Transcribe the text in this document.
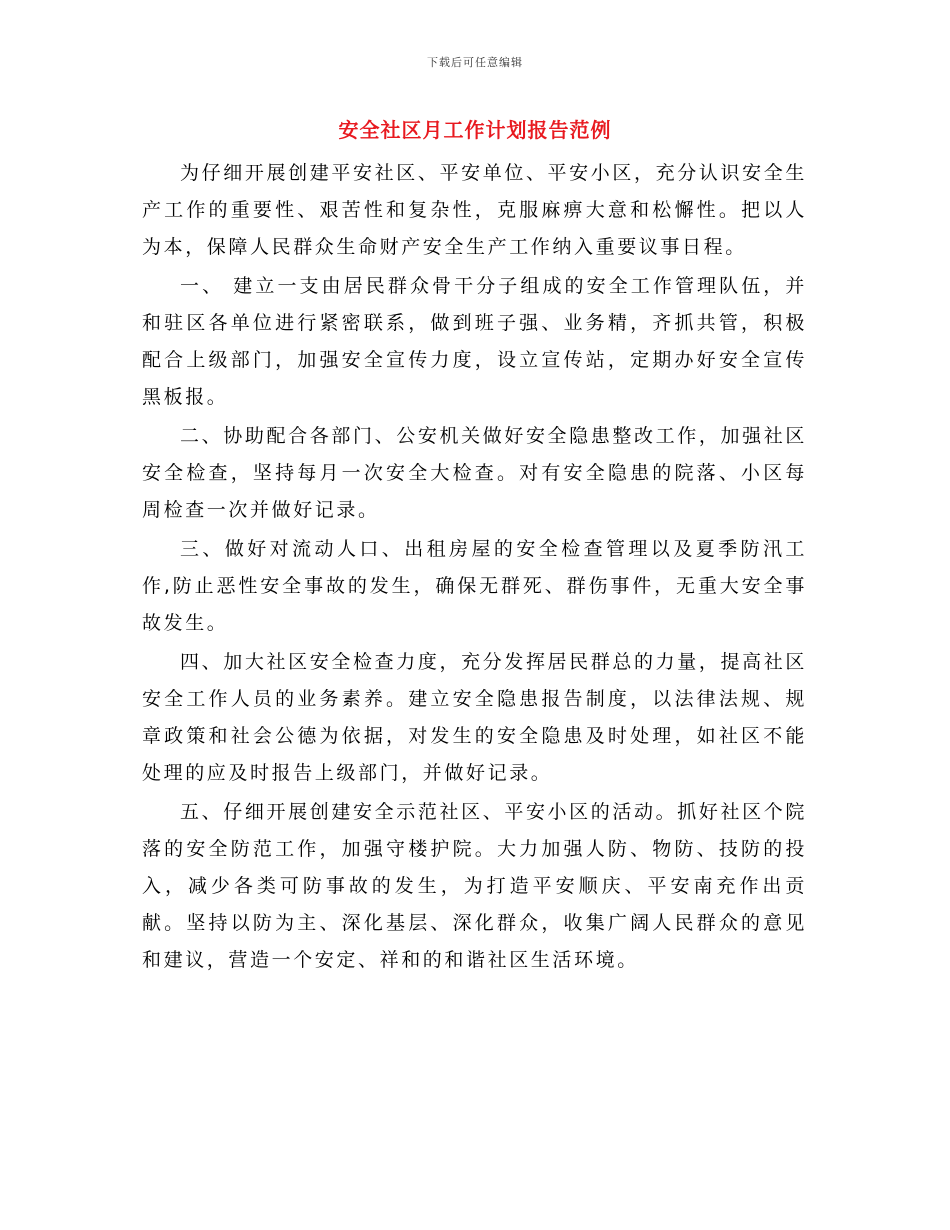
下载后可任意编辑
安全社区月工作计划报告范例

为仔细开展创建平安社区、平安单位、平安小区，充分认识安全生产工作的重要性、艰苦性和复杂性，克服麻痹大意和松懈性。把以人为本，保障人民群众生命财产安全生产工作纳入重要议事日程。

一、 建立一支由居民群众骨干分子组成的安全工作管理队伍，并和驻区各单位进行紧密联系，做到班子强、业务精，齐抓共管，积极配合上级部门，加强安全宣传力度，设立宣传站，定期办好安全宣传黑板报。

二、协助配合各部门、公安机关做好安全隐患整改工作，加强社区安全检查，坚持每月一次安全大检查。对有安全隐患的院落、小区每周检查一次并做好记录。

三、做好对流动人口、出租房屋的安全检查管理以及夏季防汛工作,防止恶性安全事故的发生，确保无群死、群伤事件，无重大安全事故发生。

四、加大社区安全检查力度，充分发挥居民群总的力量，提高社区安全工作人员的业务素养。建立安全隐患报告制度，以法律法规、规章政策和社会公德为依据，对发生的安全隐患及时处理，如社区不能处理的应及时报告上级部门，并做好记录。

五、仔细开展创建安全示范社区、平安小区的活动。抓好社区个院落的安全防范工作，加强守楼护院。大力加强人防、物防、技防的投入，减少各类可防事故的发生，为打造平安顺庆、平安南充作出贡献。坚持以防为主、深化基层、深化群众，收集广阔人民群众的意见和建议，营造一个安定、祥和的和谐社区生活环境。
